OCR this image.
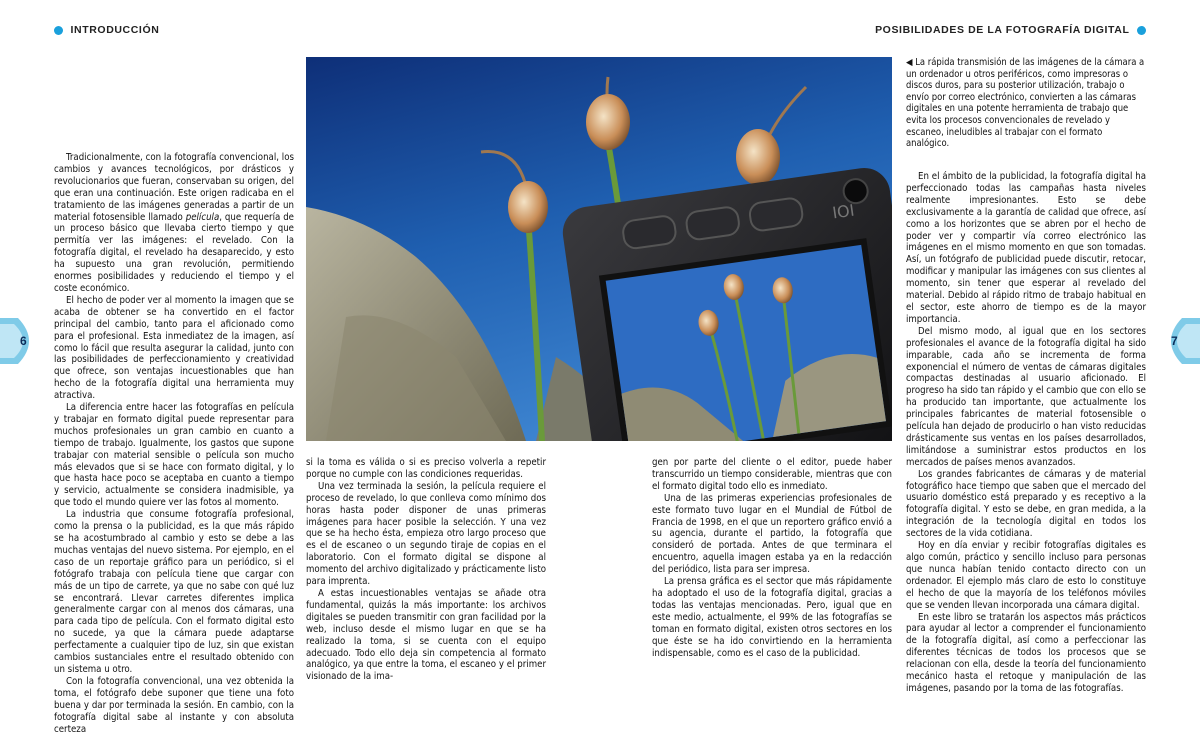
INTRODUCCIÓN	POSIBILIDADES DE LA FOTOGRAFÍA DIGITAL
6	7
IOI
◀ La rápida transmisión de las imágenes de la cámara a un ordenador u otros periféricos, como impresoras o discos duros, para su posterior utilización, trabajo o envío por correo electrónico, convierten a las cámaras digitales en una potente herramienta de trabajo que evita los procesos convencionales de revelado y escaneo, ineludibles al trabajar con el formato analógico.

Tradicionalmente, con la fotografía convencional, los cambios y avances tecnológicos, por drásticos y revolucionarios que fueran, conservaban su origen, del que eran una continuación. Este origen radicaba en el tratamiento de las imágenes generadas a partir de un material fotosensible llamado película, que requería de un proceso básico que llevaba cierto tiempo y que permitía ver las imágenes: el revelado. Con la fotografía digital, el revelado ha desaparecido, y esto ha supuesto una gran revolución, permitiendo enormes posibilidades y reduciendo el tiempo y el coste económico.

El hecho de poder ver al momento la imagen que se acaba de obtener se ha convertido en el factor principal del cambio, tanto para el aficionado como para el profesional. Esta inmediatez de la imagen, así como lo fácil que resulta asegurar la calidad, junto con las posibilidades de perfeccionamiento y creatividad que ofrece, son ventajas incuestionables que han hecho de la fotografía digital una herramienta muy atractiva.

La diferencia entre hacer las fotografías en película y trabajar en formato digital puede representar para muchos profesionales un gran cambio en cuanto a tiempo de trabajo. Igualmente, los gastos que supone trabajar con material sensible o película son mucho más elevados que si se hace con formato digital, y lo que hasta hace poco se aceptaba en cuanto a tiempo y servicio, actualmente se considera inadmisible, ya que todo el mundo quiere ver las fotos al momento.

La industria que consume fotografía profesional, como la prensa o la publicidad, es la que más rápido se ha acostumbrado al cambio y esto se debe a las muchas ventajas del nuevo sistema. Por ejemplo, en el caso de un reportaje gráfico para un periódico, si el fotógrafo trabaja con película tiene que cargar con más de un tipo de carrete, ya que no sabe con qué luz se encontrará. Llevar carretes diferentes implica generalmente cargar con al menos dos cámaras, una para cada tipo de película. Con el formato digital esto no sucede, ya que la cámara puede adaptarse perfectamente a cualquier tipo de luz, sin que existan cambios sustanciales entre el resultado obtenido con un sistema u otro.

Con la fotografía convencional, una vez obtenida la toma, el fotógrafo debe suponer que tiene una foto buena y dar por terminada la sesión. En cambio, con la fotografía digital sabe al instante y con absoluta certeza

si la toma es válida o si es preciso volverla a repetir porque no cumple con las condiciones requeridas.

Una vez terminada la sesión, la película requiere el proceso de revelado, lo que conlleva como mínimo dos horas hasta poder disponer de unas primeras imágenes para hacer posible la selección. Y una vez que se ha hecho ésta, empieza otro largo proceso que es el de escaneo o un segundo tiraje de copias en el laboratorio. Con el formato digital se dispone al momento del archivo digitalizado y prácticamente listo para imprenta.

A estas incuestionables ventajas se añade otra fundamental, quizás la más importante: los archivos digitales se pueden transmitir con gran facilidad por la web, incluso desde el mismo lugar en que se ha realizado la toma, si se cuenta con el equipo adecuado. Todo ello deja sin competencia al formato analógico, ya que entre la toma, el escaneo y el primer visionado de la ima-

gen por parte del cliente o el editor, puede haber transcurrido un tiempo considerable, mientras que con el formato digital todo ello es inmediato.

Una de las primeras experiencias profesionales de este formato tuvo lugar en el Mundial de Fútbol de Francia de 1998, en el que un reportero gráfico envió a su agencia, durante el partido, la fotografía que consideró de portada. Antes de que terminara el encuentro, aquella imagen estaba ya en la redacción del periódico, lista para ser impresa.

La prensa gráfica es el sector que más rápidamente ha adoptado el uso de la fotografía digital, gracias a todas las ventajas mencionadas. Pero, igual que en este medio, actualmente, el 99% de las fotografías se toman en formato digital, existen otros sectores en los que éste se ha ido convirtiendo en la herramienta indispensable, como es el caso de la publicidad.

En el ámbito de la publicidad, la fotografía digital ha perfeccionado todas las campañas hasta niveles realmente impresionantes. Esto se debe exclusivamente a la garantía de calidad que ofrece, así como a los horizontes que se abren por el hecho de poder ver y compartir vía correo electrónico las imágenes en el mismo momento en que son tomadas. Así, un fotógrafo de publicidad puede discutir, retocar, modificar y manipular las imágenes con sus clientes al momento, sin tener que esperar al revelado del material. Debido al rápido ritmo de trabajo habitual en el sector, este ahorro de tiempo es de la mayor importancia.

Del mismo modo, al igual que en los sectores profesionales el avance de la fotografía digital ha sido imparable, cada año se incrementa de forma exponencial el número de ventas de cámaras digitales compactas destinadas al usuario aficionado. El progreso ha sido tan rápido y el cambio que con ello se ha producido tan importante, que actualmente los principales fabricantes de material fotosensible o película han dejado de producirlo o han visto reducidas drásticamente sus ventas en los países desarrollados, limitándose a suministrar estos productos en los mercados de países menos avanzados.

Los grandes fabricantes de cámaras y de material fotográfico hace tiempo que saben que el mercado del usuario doméstico está preparado y es receptivo a la fotografía digital. Y esto se debe, en gran medida, a la integración de la tecnología digital en todos los sectores de la vida cotidiana.

Hoy en día enviar y recibir fotografías digitales es algo común, práctico y sencillo incluso para personas que nunca habían tenido contacto directo con un ordenador. El ejemplo más claro de esto lo constituye el hecho de que la mayoría de los teléfonos móviles que se venden llevan incorporada una cámara digital.

En este libro se tratarán los aspectos más prácticos para ayudar al lector a comprender el funcionamiento de la fotografía digital, así como a perfeccionar las diferentes técnicas de todos los procesos que se relacionan con ella, desde la teoría del funcionamiento mecánico hasta el retoque y manipulación de las imágenes, pasando por la toma de las fotografías.
